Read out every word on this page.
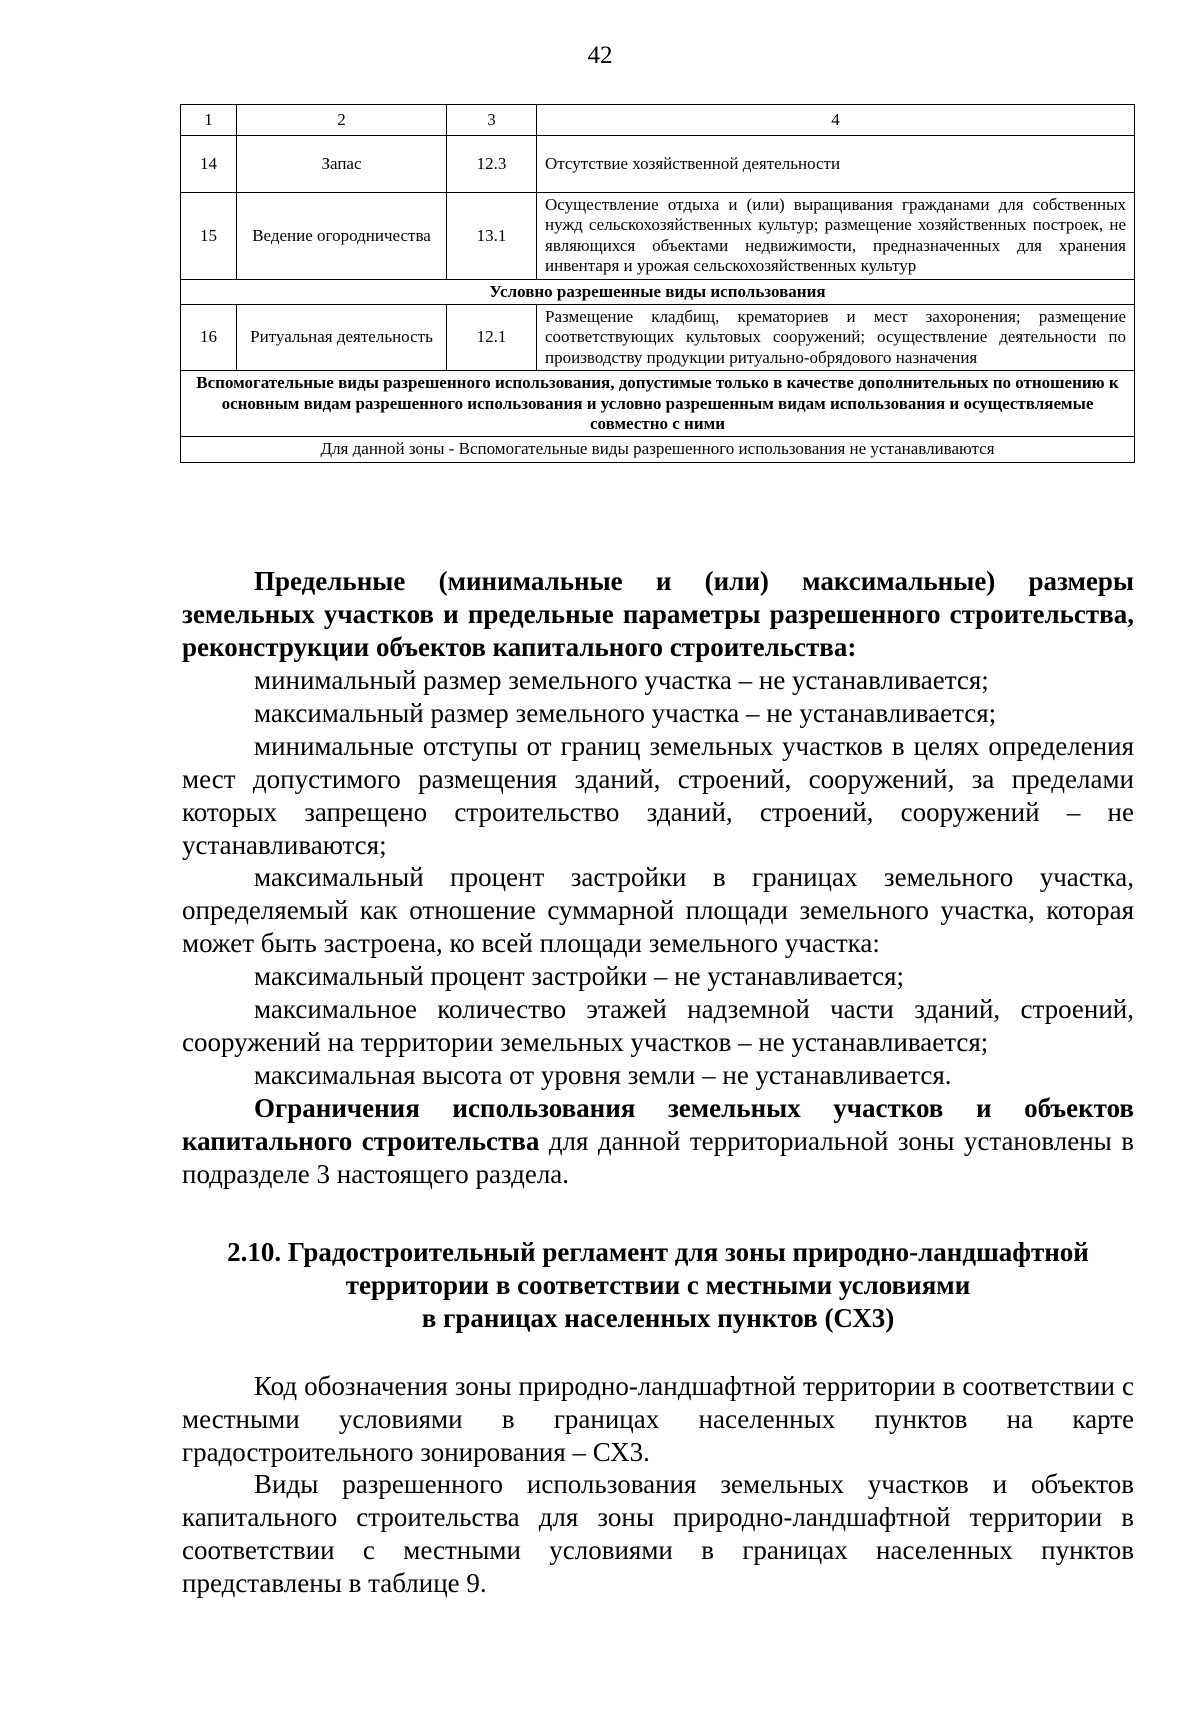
42
1	2	3	4
14	Запас	12.3	Отсутствие хозяйственной деятельности
15	Ведение огородничества	13.1	Осуществление отдыха и (или) выращивания гражданами для собственных нужд сельскохозяйственных культур; размещение хозяйственных построек, не являющихся объектами недвижимости, предназначенных для хранения инвентаря и урожая сельскохозяйственных культур
Условно разрешенные виды использования			
16	Ритуальная деятельность	12.1	Размещение кладбищ, крематориев и мест захоронения; размещение соответствующих культовых сооружений; осуществление деятельности по производству продукции ритуально-обрядового назначения
Вспомогательные виды разрешенного использования, допустимые только в качестве дополнительных по отношению к основным видам разрешенного использования и условно разрешенным видам использования и осуществляемые совместно с ними			
Для данной зоны - Вспомогательные виды разрешенного использования не устанавливаются			

Предельные (минимальные и (или) максимальные) размеры земельных участков и предельные параметры разрешенного строительства, реконструкции объектов капитального строительства:

минимальный размер земельного участка – не устанавливается;

максимальный размер земельного участка – не устанавливается;

минимальные отступы от границ земельных участков в целях определения мест допустимого размещения зданий, строений, сооружений, за пределами которых запрещено строительство зданий, строений, сооружений – не устанавливаются;

максимальный процент застройки в границах земельного участка, определяемый как отношение суммарной площади земельного участка, которая может быть застроена, ко всей площади земельного участка:

максимальный процент застройки – не устанавливается;

максимальное количество этажей надземной части зданий, строений, сооружений на территории земельных участков – не устанавливается;

максимальная высота от уровня земли – не устанавливается.

Ограничения использования земельных участков и объектов капитального строительства для данной территориальной зоны установлены в подразделе 3 настоящего раздела.

2.10. Градостроительный регламент для зоны природно-ландшафтной
территории в соответствии с местными условиями
в границах населенных пунктов (СХ3)

Код обозначения зоны природно-ландшафтной территории в соответствии с местными условиями в границах населенных пунктов на карте градостроительного зонирования – СХ3.

Виды разрешенного использования земельных участков и объектов капитального строительства для зоны природно-ландшафтной территории в соответствии с местными условиями в границах населенных пунктов представлены в таблице 9.
